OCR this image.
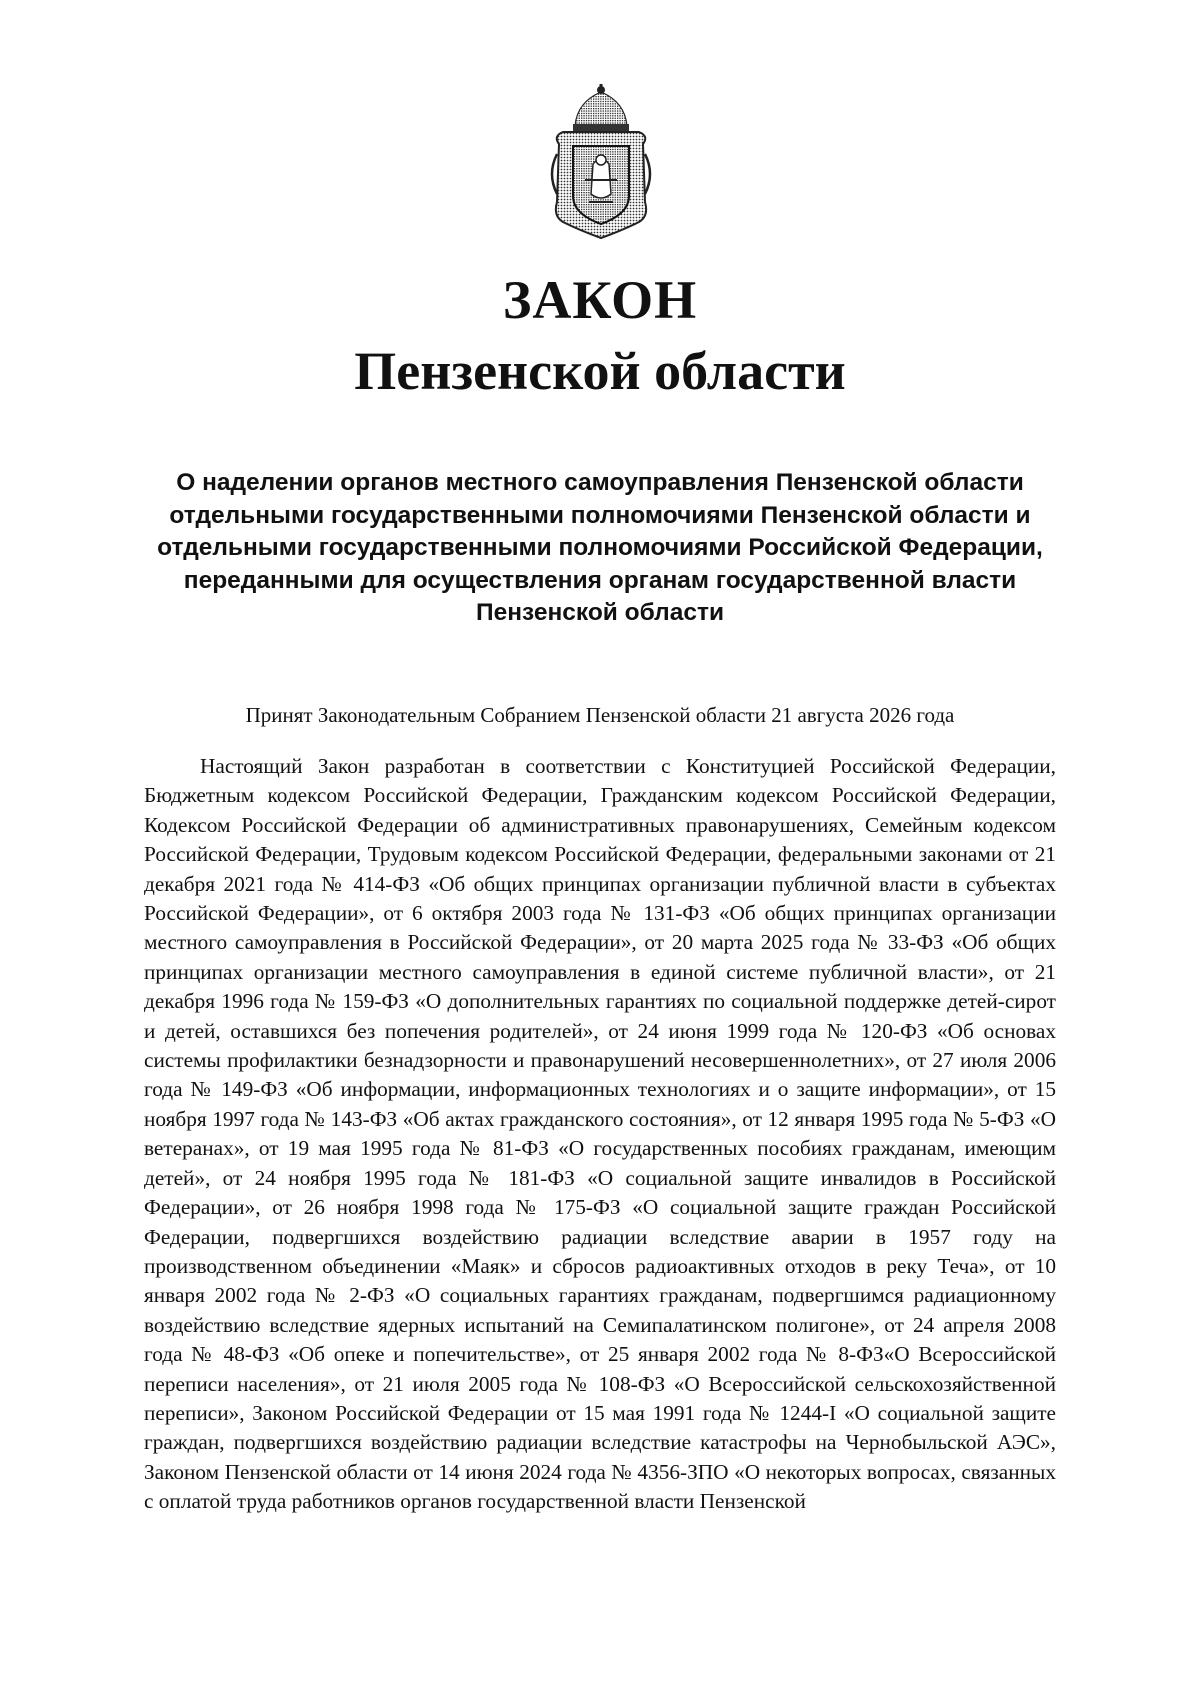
ЗАКОН
Пензенской области

О наделении органов местного самоуправления Пензенской области отдельными государственными полномочиями Пензенской области и отдельными государственными полномочиями Российской Федерации, переданными для осуществления органам государственной власти Пензенской области

Принят Законодательным Собранием Пензенской области 21 августа 2026 года

Настоящий Закон разработан в соответствии с Конституцией Российской Федерации, Бюджетным кодексом Российской Федерации, Гражданским кодексом Российской Федерации, Кодексом Российской Федерации об административных правонарушениях, Семейным кодексом Российской Федерации, Трудовым кодексом Российской Федерации, федеральными законами от 21 декабря 2021 года № 414-ФЗ «Об общих принципах организации публичной власти в субъектах Российской Федерации», от 6 октября 2003 года № 131-ФЗ «Об общих принципах организации местного самоуправления в Российской Федерации», от 20 марта 2025 года № 33-ФЗ «Об общих принципах организации местного самоуправления в единой системе публичной власти», от 21 декабря 1996 года № 159-ФЗ «О дополнительных гарантиях по социальной поддержке детей-сирот и детей, оставшихся без попечения родителей», от 24 июня 1999 года № 120-ФЗ «Об основах системы профилактики безнадзорности и правонарушений несовершеннолетних», от 27 июля 2006 года № 149-ФЗ «Об информации, информационных технологиях и о защите информации», от 15 ноября 1997 года № 143-ФЗ «Об актах гражданского состояния», от 12 января 1995 года № 5-ФЗ «О ветеранах», от 19 мая 1995 года № 81-ФЗ «О государственных пособиях гражданам, имеющим детей», от 24 ноября 1995 года № 181-ФЗ «О социальной защите инвалидов в Российской Федерации», от 26 ноября 1998 года № 175-ФЗ «О социальной защите граждан Российской Федерации, подвергшихся воздействию радиации вследствие аварии в 1957 году на производственном объединении «Маяк» и сбросов радиоактивных отходов в реку Теча», от 10 января 2002 года № 2-ФЗ «О социальных гарантиях гражданам, подвергшимся радиационному воздействию вследствие ядерных испытаний на Семипалатинском полигоне», от 24 апреля 2008 года № 48-ФЗ «Об опеке и попечительстве», от 25 января 2002 года № 8-ФЗ«О Всероссийской переписи населения», от 21 июля 2005 года № 108-ФЗ «О Всероссийской сельскохозяйственной переписи», Законом Российской Федерации от 15 мая 1991 года № 1244-I «О социальной защите граждан, подвергшихся воздействию радиации вследствие катастрофы на Чернобыльской АЭС», Законом Пензенской области от 14 июня 2024 года № 4356-ЗПО «О некоторых вопросах, связанных с оплатой труда работников органов государственной власти Пензенской
